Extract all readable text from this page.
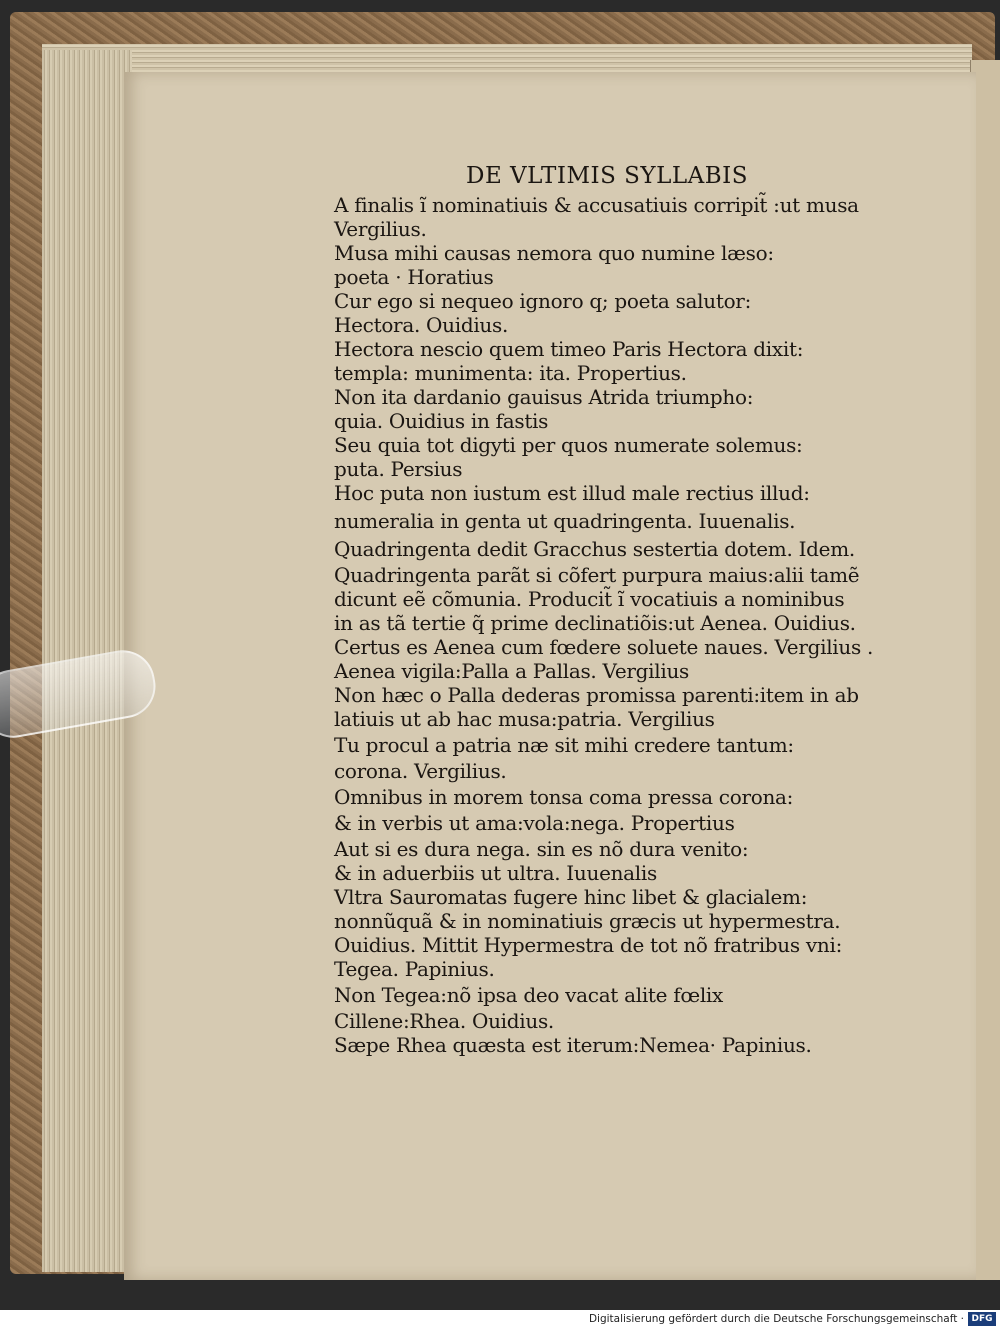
DE VLTIMIS SYLLABIS
A finalis ĩ nominatiuis & accusatiuis corripit̃ :ut musa
Vergilius.
Musa mihi causas nemora quo numine læso:
poeta · Horatius
Cur ego si nequeo ignoro q; poeta salutor:
Hectora. Ouidius.
Hectora nescio quem timeo Paris Hectora dixit:
templa: munimenta: ita. Propertius.
Non ita dardanio gauisus Atrida triumpho:
quia. Ouidius in fastis
Seu quia tot digyti per quos numerate solemus:
puta. Persius
Hoc puta non iustum est illud male rectius illud:
numeralia in genta ut quadringenta. Iuuenalis.
Quadringenta dedit Gracchus sestertia dotem. Idem.
Quadringenta parãt si cõfert purpura maius:alii tamẽ
dicunt eẽ cõmunia. Producit̃ ĩ vocatiuis a nominibus
in as tã tertie q̃ prime declinatiõis:ut Aenea. Ouidius.
Certus es Aenea cum fœdere soluete naues. Vergilius .
Aenea vigila:Palla a Pallas. Vergilius
Non hæc o Palla dederas promissa parenti:item in ab
latiuis ut ab hac musa:patria. Vergilius
Tu procul a patria næ sit mihi credere tantum:
corona. Vergilius.
Omnibus in morem tonsa coma pressa corona:
& in verbis ut ama:vola:nega. Propertius
Aut si es dura nega. sin es nõ dura venito:
& in aduerbiis ut ultra. Iuuenalis
Vltra Sauromatas fugere hinc libet & glacialem:
nonnũquã & in nominatiuis græcis ut hypermestra.
Ouidius. Mittit Hypermestra de tot nõ fratribus vni:
Tegea. Papinius.
Non Tegea:nõ ipsa deo vacat alite fœlix
Cillene:Rhea. Ouidius.
Sæpe Rhea quæsta est iterum:Nemea· Papinius.
Digitalisierung gefördert durch die Deutsche Forschungsgemeinschaft · DFG
